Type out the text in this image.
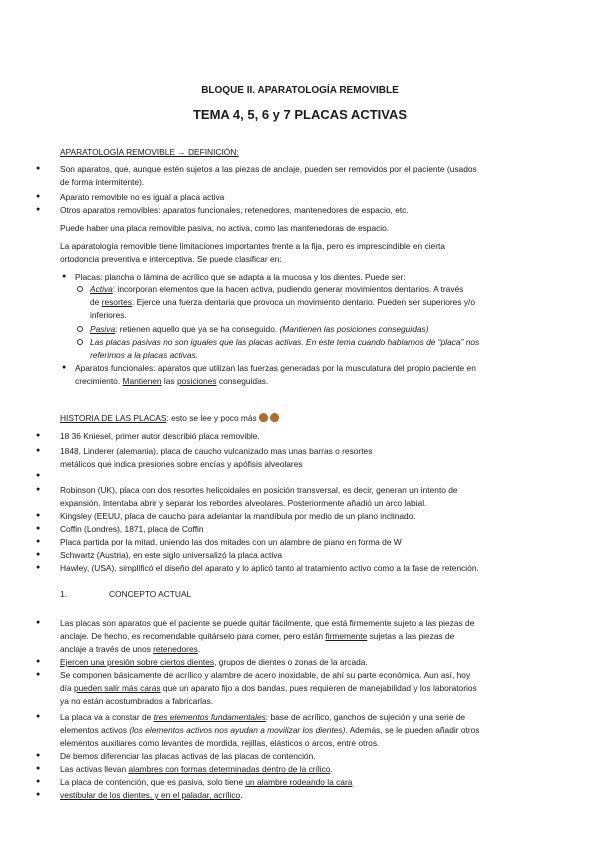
BLOQUE II. APARATOLOGÍA REMOVIBLE
TEMA 4, 5, 6 y 7 PLACAS ACTIVAS
APARATOLOGÍA REMOVIBLE → DEFINICIÓN:
● Son aparatos, que, aunque estén sujetos a las piezas de anclaje, pueden ser removidos por el paciente (usados
de forma intermitente).
● Aparato removible no es igual a placa activa
● Otros aparatos removibles: aparatos funcionales, retenedores, mantenedores de espacio, etc.
Puede haber una placa removible pasiva, no activa, como las mantenedoras de espacio.
La aparatología removible tiene limitaciones importantes frente a la fija, pero es imprescindible en cierta
ortodoncia preventiva e interceptiva. Se puede clasificar en:
● Placas: plancha o lámina de acrílico que se adapta a la mucosa y los dientes. Puede ser:
Activa: incorporan elementos que la hacen activa, pudiendo generar movimientos dentarios. A través
de resortes. Ejerce una fuerza dentaria que provoca un movimiento dentario. Pueden ser superiores y/o
inferiores.
Pasiva: retienen aquello que ya se ha conseguido. (Mantienen las posiciones conseguidas)
Las placas pasivas no son iguales que las placas activas. En este tema cuando hablamos de “placa” nos
referimos a la placas activas.
● Aparatos funcionales: aparatos que utilizan las fuerzas generadas por la musculatura del propio paciente en
crecimiento. Mantienen las posiciones conseguidas.
HISTORIA DE LAS PLACAS: esto se lee y poco más
● 18 36 Kniesel, primer autor describió placa removible.
● 1848, Linderer (alemania), placa de caucho vulcanizado mas unas barras o resortes
metálicos que indica presiones sobre encías y apófisis alveolares
●
● Robinson (UK), placa con dos resortes helicoidales en posición transversal, es decir, generan un intento de
expansión. Intentaba abrir y separar los rebordes alveolares. Posteriormente añadió un arco labial.
● Kingsley (EEUU, placa de caucho para adelantar la mandíbula por medio de un plano inclinado.
● Coffin (Londres), 1871, placa de Coffin
● Placa partida por la mitad, uniendo las dos mitades con un alambre de piano en forma de W
● Schwartz (Austria), en este siglo universalizó la placa activa
● Hawley, (USA), simplificó el diseño del aparato y lo aplicó tanto al tratamiento activo como a la fase de retención.
1.	CONCEPTO ACTUAL
● Las placas son aparatos que el paciente se puede quitar fácilmente, que está firmemente sujeto a las piezas de
anclaje. De hecho, es recomendable quitárselo para comer, pero están firmemente sujetas a las piezas de
anclaje a través de unos retenedores.
● Ejercen una presión sobre ciertos dientes, grupos de dientes o zonas de la arcada.
● Se componen básicamente de acrílico y alambre de acero inoxidable, de ahí su parte económica. Aun así, hoy
día pueden salir más caras que un aparato fijo a dos bandas, pues requieren de manejabilidad y los laboratorios
ya no están acostumbrados a fabricarlas.
● La placa va a constar de tres elementos fundamentales: base de acrílico, ganchos de sujeción y una serie de
elementos activos (los elementos activos nos ayudan a movilizar los dientes). Además, se le pueden añadir otros
elementos auxiliares como levantes de mordida, rejillas, elásticos o arcos, entre otros.
● De bemos diferenciar las placas activas de las placas de contención.
● Las activas llevan alambres con formas determinadas dentro de la crílico.
● La placa de contención, que es pasiva, solo tiene un alambre rodeando la cara
● vestibular de los dientes, y en el paladar, acrílico.
